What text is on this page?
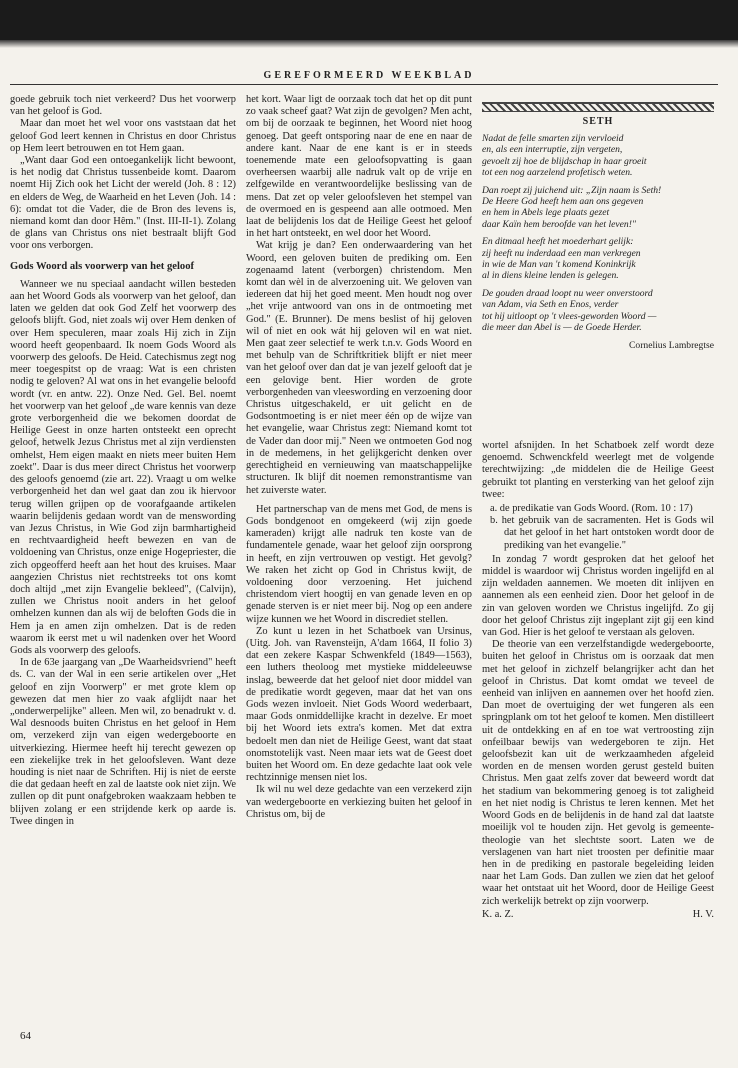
GEREFORMEERD WEEKBLAD

goede gebruik toch niet verkeerd? Dus het voorwerp van het geloof is God.

Maar dan moet het wel voor ons vaststaan dat het geloof God leert kennen in Christus en door Christus op Hem leert betrouwen en tot Hem gaan.

„Want daar God een ontoegankelijk licht bewoont, is het nodig dat Christus tussenbeide komt. Daarom noemt Hij Zich ook het Licht der wereld (Joh. 8 : 12) en elders de Weg, de Waarheid en het Leven (Joh. 14 : 6): omdat tot die Vader, die de Bron des levens is, niemand komt dan door Hêm." (Inst. III-II-1). Zolang de glans van Christus ons niet bestraalt blijft God voor ons verborgen.

Gods Woord als voorwerp van het geloof

Wanneer we nu speciaal aandacht willen besteden aan het Woord Gods als voorwerp van het geloof, dan laten we gelden dat ook God Zelf het voorwerp des geloofs blijft. God, niet zoals wij over Hem denken of over Hem speculeren, maar zoals Hij zich in Zijn woord heeft geopenbaard. Ik noem Gods Woord als voorwerp des geloofs. De Heid. Catechismus zegt nog meer toegespitst op de vraag: Wat is een christen nodig te geloven? Al wat ons in het evangelie beloofd wordt (vr. en antw. 22). Onze Ned. Gel. Bel. noemt het voorwerp van het geloof „de ware kennis van deze grote verborgenheid die we bekomen doordat de Heilige Geest in onze harten ontsteekt een oprecht geloof, hetwelk Jezus Christus met al zijn verdiensten omhelst, Hem eigen maakt en niets meer buiten Hem zoekt". Daar is dus meer direct Christus het voorwerp des geloofs genoemd (zie art. 22). Vraagt u om welke verborgenheid het dan wel gaat dan zou ik hiervoor terug willen grijpen op de voorafgaande artikelen waarin belijdenis gedaan wordt van de menswording van Jezus Christus, in Wie God zijn barmhartigheid en rechtvaardigheid heeft bewezen en van de voldoening van Christus, onze enige Hogepriester, die zich opgeofferd heeft aan het hout des kruises. Maar aangezien Christus niet rechtstreeks tot ons komt doch altijd „met zijn Evangelie bekleed", (Calvijn), zullen we Christus nooit anders in het geloof omhelzen kunnen dan als wij de beloften Gods die in Hem ja en amen zijn omhelzen. Dat is de reden waarom ik eerst met u wil nadenken over het Woord Gods als voorwerp des geloofs.

In de 63e jaargang van „De Waarheidsvriend" heeft ds. C. van der Wal in een serie artikelen over „Het geloof en zijn Voorwerp" er met grote klem op gewezen dat men hier zo vaak afglijdt naar het „onderwerpelijke" alleen. Men wil, zo benadrukt v. d. Wal desnoods buiten Christus en het geloof in Hem om, verzekerd zijn van eigen wedergeboorte en uitverkiezing. Hiermee heeft hij terecht gewezen op een ziekelijke trek in het geloofsleven. Want deze houding is niet naar de Schriften. Hij is niet de eerste die dat gedaan heeft en zal de laatste ook niet zijn. We zullen op dit punt onafgebroken waakzaam hebben te blijven zolang er een strijdende kerk op aarde is. Twee dingen in

het kort. Waar ligt de oorzaak toch dat het op dit punt zo vaak scheef gaat? Wat zijn de gevolgen? Men acht, om bij de oorzaak te beginnen, het Woord niet hoog genoeg. Dat geeft ontsporing naar de ene en naar de andere kant. Naar de ene kant is er in steeds toenemende mate een geloofsopvatting is gaan overheersen waarbij alle nadruk valt op de vrije en zelfgewilde en verantwoordelijke beslissing van de mens. Dat zet op veler geloofsleven het stempel van de overmoed en is gespeend aan alle ootmoed. Men laat de belijdenis los dat de Heilige Geest het geloof in het hart ontsteekt, en wel door het Woord.

Wat krijg je dan? Een onderwaardering van het Woord, een geloven buiten de prediking om. Een zogenaamd latent (verborgen) christendom. Men komt dan wèl in de alverzoening uit. We geloven van iedereen dat hij het goed meent. Men houdt nog over „het vrije antwoord van ons in de ontmoeting met God." (E. Brunner). De mens beslist of hij geloven wil of niet en ook wát hij geloven wil en wat niet. Men gaat zeer selectief te werk t.n.v. Gods Woord en met behulp van de Schriftkritiek blijft er niet meer van het geloof over dan dat je van jezelf gelooft dat je een gelovige bent. Hier worden de grote verborgenheden van vleeswording en verzoening door Christus uitgeschakeld, er uit gelicht en de Godsontmoeting is er niet meer één op de wijze van het evangelie, waar Christus zegt: Niemand komt tot de Vader dan door mij." Neen we ontmoeten God nog in de medemens, in het gelijkgericht denken over gerechtigheid en vernieuwing van maatschappelijke structuren. Ik blijf dit noemen remonstrantisme van het zuiverste water.

Het partnerschap van de mens met God, de mens is Gods bondgenoot en omgekeerd (wij zijn goede kameraden) krijgt alle nadruk ten koste van de fundamentele genade, waar het geloof zijn oorsprong in heeft, en zijn vertrouwen op vestigt. Het gevolg? We raken het zicht op God in Christus kwijt, de voldoening door verzoening. Het juichend christendom viert hoogtij en van genade leven en op genade sterven is er niet meer bij. Nog op een andere wijze kunnen we het Woord in discrediet stellen.

Zo kunt u lezen in het Schatboek van Ursinus, (Uitg. Joh. van Ravensteijn, A'dam 1664, II folio 3) dat een zekere Kaspar Schwenkfeld (1849—1563), een luthers theoloog met mystieke middeleeuwse inslag, beweerde dat het geloof niet door middel van de predikatie wordt gegeven, maar dat het van ons Gods wezen invloeit. Niet Gods Woord wederbaart, maar Gods onmiddellijke kracht in dezelve. Er moet bij het Woord iets extra's komen. Met dat extra bedoelt men dan niet de Heilige Geest, want dat staat onomstotelijk vast. Neen maar iets wat de Geest doet buiten het Woord om. En deze gedachte laat ook vele rechtzinnige mensen niet los.

Ik wil nu wel deze gedachte van een verzekerd zijn van wedergeboorte en verkiezing buiten het geloof in Christus om, bij de

SETH
Nadat de felle smarten zijn vervloeid
en, als een interruptie, zijn vergeten,
gevoelt zij hoe de blijdschap in haar groeit
tot een nog aarzelend profetisch weten.
Dan roept zij juichend uit: „Zijn naam is Seth!
De Heere God heeft hem aan ons gegeven
en hem in Abels lege plaats gezet
daar Kaïn hem beroofde van het leven!"
En ditmaal heeft het moederhart gelijk:
zij heeft nu inderdaad een man verkregen
in wie de Man van 't komend Koninkrijk
al in diens kleine lenden is gelegen.
De gouden draad loopt nu weer onverstoord
van Adam, via Seth en Enos, verder
tot hij uitloopt op 't vlees-geworden Woord —
die meer dan Abel is — de Goede Herder.
Cornelius Lambregtse

wortel afsnijden. In het Schatboek zelf wordt deze genoemd. Schwenckfeld weerlegt met de volgende terechtwijzing: „de middelen die de Heilige Geest gebruikt tot planting en versterking van het geloof zijn twee:

a. de predikatie van Gods Woord. (Rom. 10 : 17)
b. het gebruik van de sacramenten. Het is Gods wil dat het geloof in het hart ontstoken wordt door de prediking van het evangelie."

In zondag 7 wordt gesproken dat het geloof het middel is waardoor wij Christus worden ingelijfd en al zijn weldaden aannemen. We moeten dit inlijven en aannemen als een eenheid zien. Door het geloof in de zin van geloven worden we Christus ingelijfd. Zo gij door het geloof Christus zijt ingeplant zijt gij een kind van God. Hier is het geloof te verstaan als geloven.

De theorie van een verzelfstandigde wedergeboorte, buiten het geloof in Christus om is oorzaak dat men met het geloof in zichzelf belangrijker acht dan het geloof in Christus. Dat komt omdat we teveel de eenheid van inlijven en aannemen over het hoofd zien. Dan moet de overtuiging der wet fungeren als een springplank om tot het geloof te komen. Men distilleert uit de ontdekking en af en toe wat vertroosting zijn onfeilbaar bewijs van wedergeboren te zijn. Het geloofsbezit kan uit de werkzaamheden afgeleid worden en de mensen worden gerust gesteld buiten Christus. Men gaat zelfs zover dat beweerd wordt dat het stadium van bekommering genoeg is tot zaligheid en het niet nodig is Christus te leren kennen. Met het Woord Gods en de belijdenis in de hand zal dat laatste moeilijk vol te houden zijn. Het gevolg is gemeente-theologie van het slechtste soort. Laten we de verslagenen van hart niet troosten per definitie maar hen in de prediking en pastorale begeleiding leiden naar het Lam Gods. Dan zullen we zien dat het geloof waar het ontstaat uit het Woord, door de Heilige Geest zich werkelijk betrekt op zijn voorwerp.

K. a. Z.	H. V.
64
